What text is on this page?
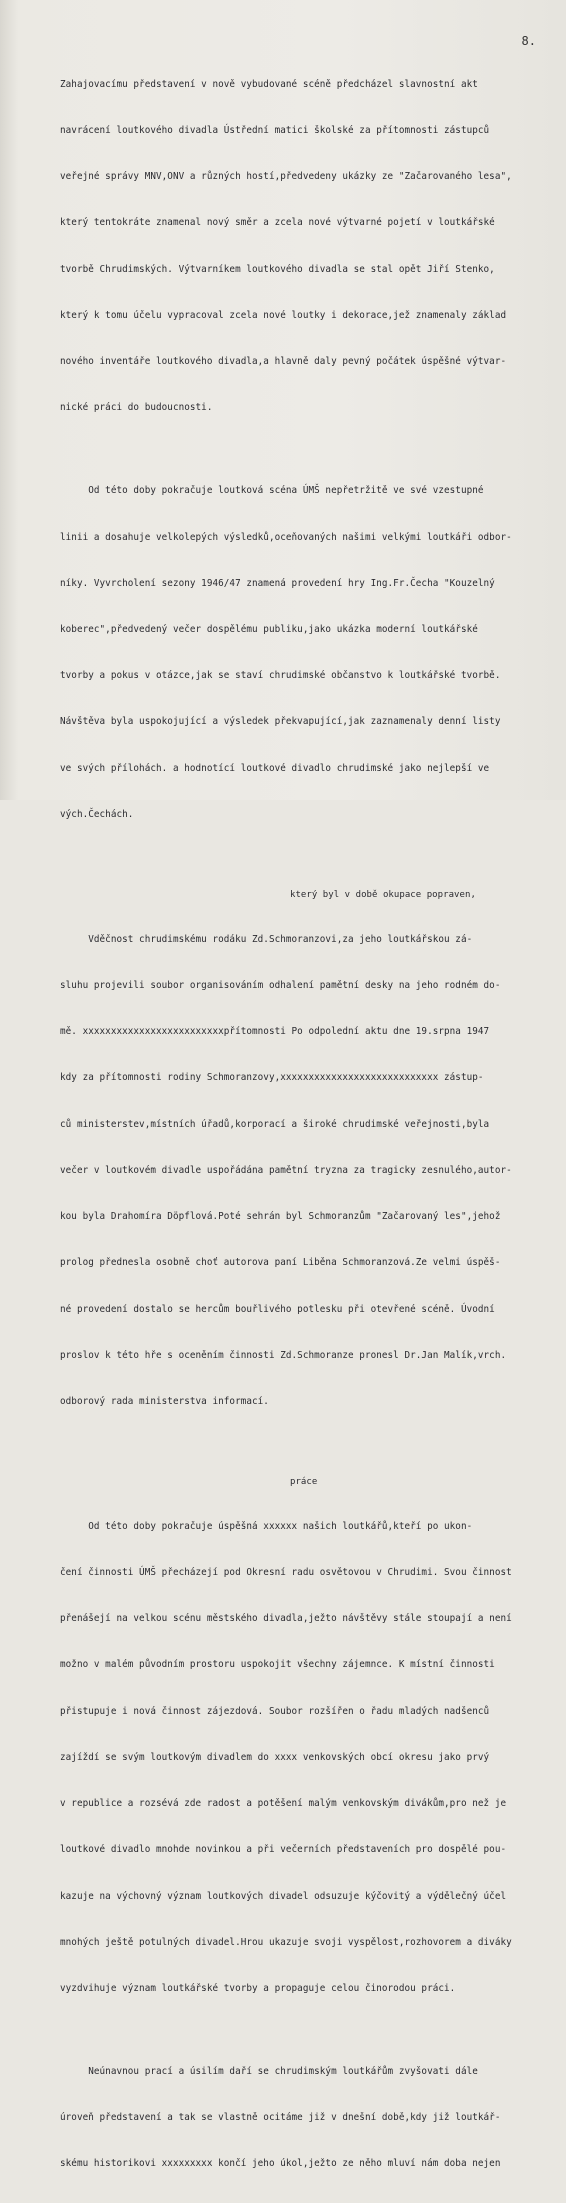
8.

Zahajovacímu představení v nově vybudované scéně předcházel slavnostní akt

navrácení loutkového divadla Ústřední matici školské za přítomnosti zástupců

veřejné správy MNV,ONV a různých hostí,předvedeny ukázky ze "Začarovaného lesa",

který tentokráte znamenal nový směr a zcela nové výtvarné pojetí v loutkářské

tvorbě Chrudimských. Výtvarníkem loutkového divadla se stal opět Jiří Stenko,

který k tomu účelu vypracoval zcela nové loutky i dekorace,jež znamenaly základ

nového inventáře loutkového divadla,a hlavně daly pevný počátek úspěšné výtvar-

nické práci do budoucnosti.

Od této doby pokračuje loutková scéna ÚMŠ nepřetržitě ve své vzestupné

linii a dosahuje velkolepých výsledků,oceňovaných našimi velkými loutkáři odbor-

níky. Vyvrcholení sezony 1946/47 znamená provedení hry Ing.Fr.Čecha "Kouzelný

koberec",předvedený večer dospělému publiku,jako ukázka moderní loutkářské

tvorby a pokus v otázce,jak se staví chrudimské občanstvo k loutkářské tvorbě.

Návštěva byla uspokojující a výsledek překvapující,jak zaznamenaly denní listy

ve svých přílohách. a hodnotící loutkové divadlo chrudimské jako nejlepší ve

vých.Čechách.

který byl v době okupace popraven,

Vděčnost chrudimskému rodáku Zd.Schmoranzovi,za jeho loutkářskou zá-

sluhu projevili soubor organisováním odhalení pamětní desky na jeho rodném do-

mě. xxxxxxxxxxxxxxxxxxxxxxxxxpřítomnosti Po odpolední aktu dne 19.srpna 1947

kdy za přítomnosti rodiny Schmoranzovy,xxxxxxxxxxxxxxxxxxxxxxxxxxxx zástup-

ců ministerstev,místních úřadů,korporací a široké chrudimské veřejnosti,byla

večer v loutkovém divadle uspořádána pamětní tryzna za tragicky zesnulého,autor-

kou byla Drahomíra Döpflová.Poté sehrán byl Schmoranzům "Začarovaný les",jehož

prolog přednesla osobně choť autorova paní Liběna Schmoranzová.Ze velmi úspěš-

né provedení dostalo se hercům bouřlivého potlesku při otevřené scéně. Úvodní

proslov k této hře s oceněním činnosti Zd.Schmoranze pronesl Dr.Jan Malík,vrch.

odborový rada ministerstva informací.

práce

Od této doby pokračuje úspěšná xxxxxx našich loutkářů,kteří po ukon-

čení činnosti ÚMŠ přecházejí pod Okresní radu osvětovou v Chrudimi. Svou činnost

přenášejí na velkou scénu městského divadla,ježto návštěvy stále stoupají a není

možno v malém původním prostoru uspokojit všechny zájemnce. K místní činnosti

přistupuje i nová činnost zájezdová. Soubor rozšířen o řadu mladých nadšenců

zajíždí se svým loutkovým divadlem do xxxx venkovských obcí okresu jako prvý

v republice a rozsévá zde radost a potěšení malým venkovským divákům,pro než je

loutkové divadlo mnohde novinkou a při večerních představeních pro dospělé pou-

kazuje na výchovný význam loutkových divadel odsuzuje kýčovitý a výdělečný účel

mnohých ještě potulných divadel.Hrou ukazuje svoji vyspělost,rozhovorem a diváky

vyzdvihuje význam loutkářské tvorby a propaguje celou činorodou práci.

Neúnavnou prací a úsilím daří se chrudimským loutkářům zvyšovati dále

úroveň představení a tak se vlastně ocitáme již v dnešní době,kdy již loutkář-

skému historikovi xxxxxxxxx končí jeho úkol,ježto ze něho mluví nám doba nejen
